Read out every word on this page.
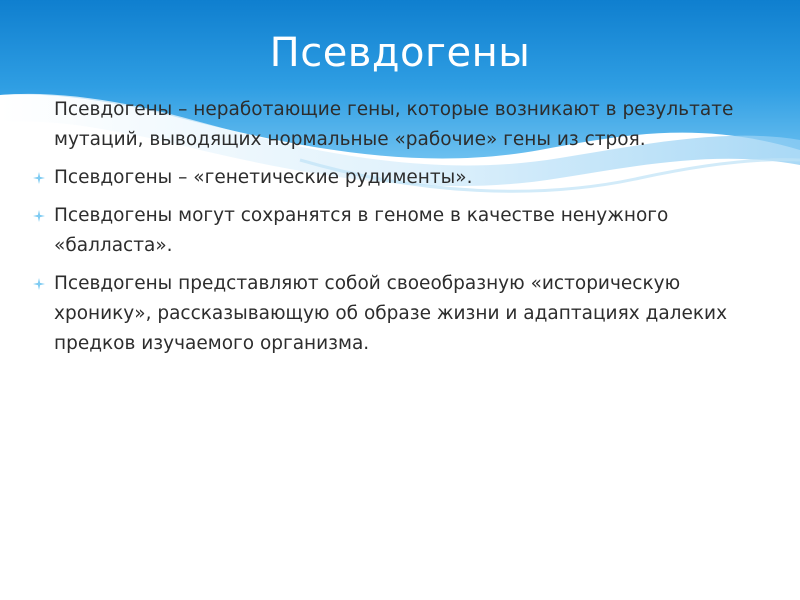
Псевдогены
Псевдогены – неработающие гены, которые возникают в результате мутаций, выводящих нормальные «рабочие» гены из строя.
Псевдогены – «генетические рудименты».
Псевдогены могут сохранятся в геноме в качестве ненужного «балласта».
Псевдогены представляют собой своеобразную «историческую хронику», рассказывающую об образе жизни и адаптациях далеких предков изучаемого организма.
